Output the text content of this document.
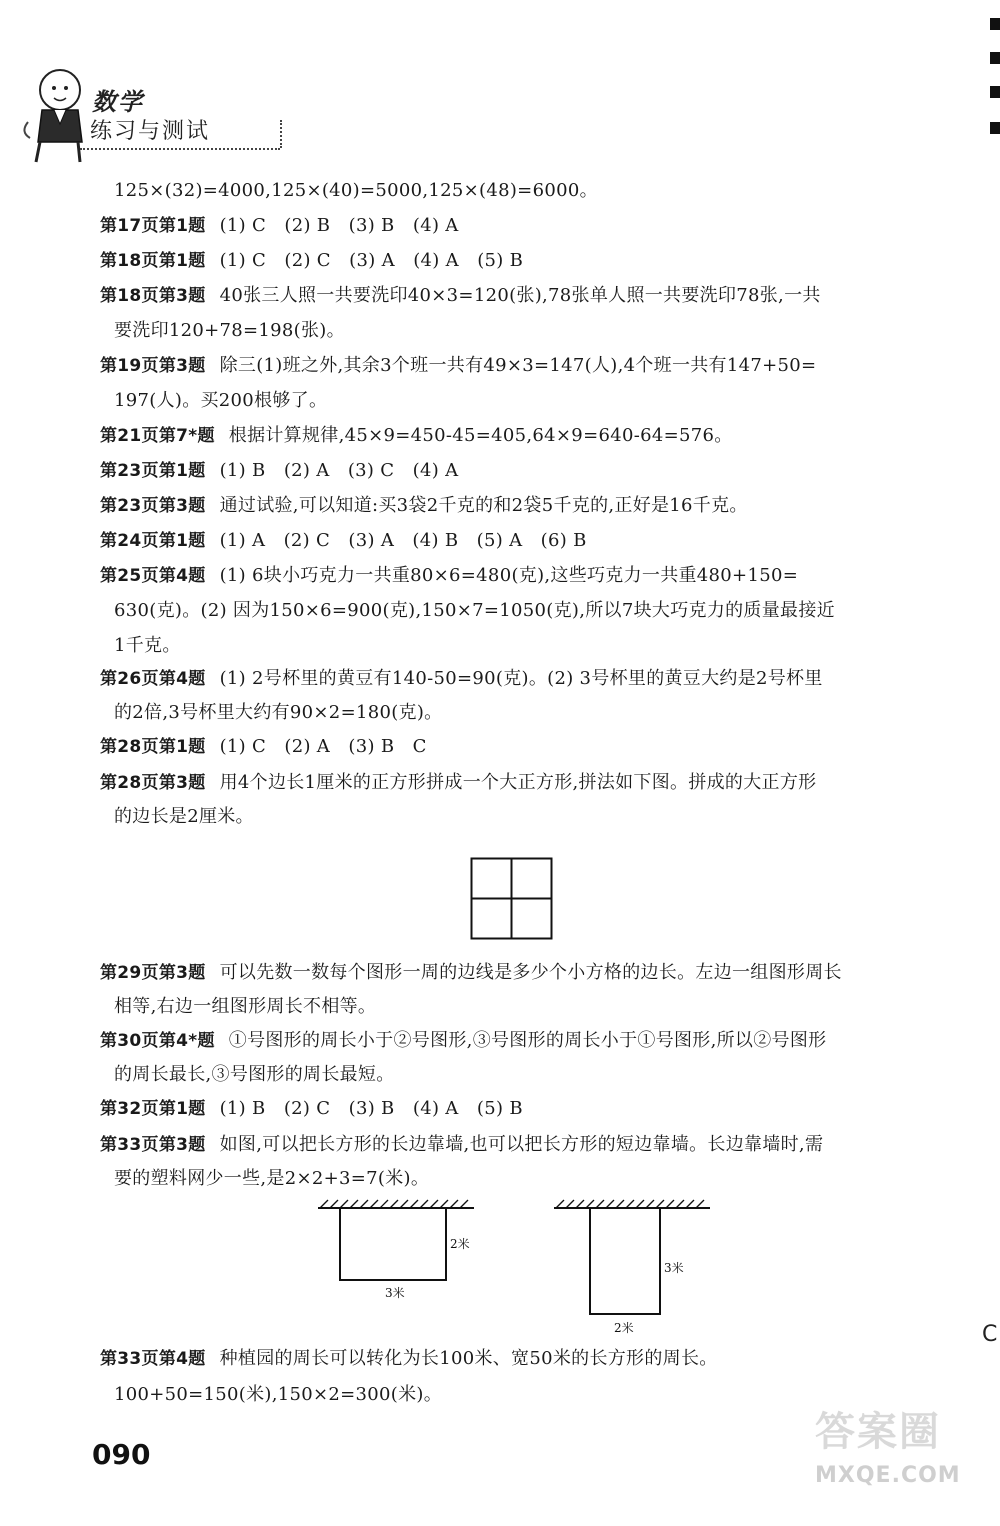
数学
练习与测试
125×(32)=4000,125×(40)=5000,125×(48)=6000。
第17页第1题 (1) C　(2) B　(3) B　(4) A
第18页第1题 (1) C　(2) C　(3) A　(4) A　(5) B
第18页第3题 40张三人照一共要洗印40×3=120(张),78张单人照一共要洗印78张,一共
要洗印120+78=198(张)。
第19页第3题 除三(1)班之外,其余3个班一共有49×3=147(人),4个班一共有147+50=
197(人)。买200根够了。
第21页第7*题 根据计算规律,45×9=450-45=405,64×9=640-64=576。
第23页第1题 (1) B　(2) A　(3) C　(4) A
第23页第3题 通过试验,可以知道:买3袋2千克的和2袋5千克的,正好是16千克。
第24页第1题 (1) A　(2) C　(3) A　(4) B　(5) A　(6) B
第25页第4题 (1) 6块小巧克力一共重80×6=480(克),这些巧克力一共重480+150=
630(克)。(2) 因为150×6=900(克),150×7=1050(克),所以7块大巧克力的质量最接近
1千克。
第26页第4题 (1) 2号杯里的黄豆有140-50=90(克)。(2) 3号杯里的黄豆大约是2号杯里
的2倍,3号杯里大约有90×2=180(克)。
第28页第1题 (1) C　(2) A　(3) B　C
第28页第3题 用4个边长1厘米的正方形拼成一个大正方形,拼法如下图。拼成的大正方形
的边长是2厘米。
第29页第3题 可以先数一数每个图形一周的边线是多少个小方格的边长。左边一组图形周长
相等,右边一组图形周长不相等。
第30页第4*题 ①号图形的周长小于②号图形,③号图形的周长小于①号图形,所以②号图形
的周长最长,③号图形的周长最短。
第32页第1题 (1) B　(2) C　(3) B　(4) A　(5) B
第33页第3题 如图,可以把长方形的长边靠墙,也可以把长方形的短边靠墙。长边靠墙时,需
要的塑料网少一些,是2×2+3=7(米)。
2米
3米
3米
2米
第33页第4题 种植园的周长可以转化为长100米、宽50米的长方形的周长。
100+50=150(米),150×2=300(米)。
C
090	答案圈
MXQE.COM
